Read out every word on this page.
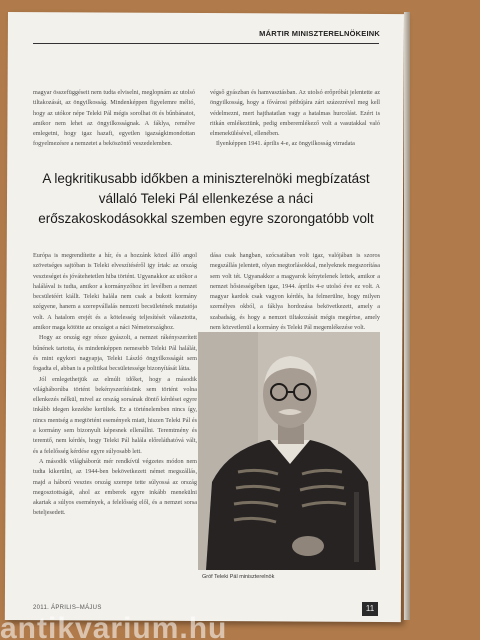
MÁRTIR MINISZTERELNÖKEINK

magyar összefüggéseit nem tudta elviselni, meglopnám az utolsó tiltakozását, az öngyilkosság. Mindenképpen figyelemre méltó, hogy az utókor népe Teleki Pál mégis sorolhat öt és bűnbánatot, amikor nem lehet az öngyilkosságnak. A fáklya, remélve emlegetni, hogy igaz hazafi, egyetlen igazságkimondottan fogyelmezésre a nemzetet a beköszöntő veszedelemben.

végső gyászban és hamvasztásban. Az utolsó erőpróbát jelentette az öngyilkosság, hogy a fővárosi pétbújára zárt százezrével meg kell védelmezni, mert hajthatatlan vagy a hatalmas hurcolást. Ezért is ritkán emlékeztünk, pedig emberemlékező volt a vasutakkal való elmenekülésével, ellenében.

Ilyenképpen 1941. április 4-e, az öngyilkosság virradata

A legkritikusabb időkben a miniszterelnöki megbízatást vállaló Teleki Pál ellenkezése a náci erőszakoskodásokkal szemben egyre szorongatóbb volt

Európa is megrendítette a hír, és a hozzánk közel álló angol szövetséges sajtóban is Teleki elveszítéséről igy írtak: az ország veszteséget és jóvátehetetlen hiba történt. Ugyanakkor az utókor a halálával is tudta, amikor a kormányzóhoz írt levélben a nemzet becsületéért kiállt. Teleki halála nem csak a bukott kormány szégyene, hanem a szerepvállalás nemzeti becsületének mutatója volt. A hatalom erejét és a kötelesség teljesítését választotta, amikor maga kötötte az országot a náci Németországhoz.

Hogy az ország egy része gyászolt, a nemzet rákényszerített bűnének tartotta, és mindenképpen nemesebb Teleki Pál halálát, és mint egykori nagyapja, Teleki László öngyilkosságát sem fogadta el, abban is a politikai becsületessége bizonyítását látta.

Jól emlegethetjük az elmúlt időket, hogy a második világháborúba történt bekényszerítésünk sem történt volna ellenkezés nélkül, mivel az ország sorsának döntő kérdései egyre inkább idegen kezekbe kerültek. Ez a történelemben nincs így, nincs mentség a megtörtént események miatt, hiszen Teleki Pál és a kormány sem bizonyult képesnek ellenállni. Teremtmény és teremtő, nem kérdés, hogy Teleki Pál halála előreláthatóvá vált, és a felelősség kérdése egyre súlyosabb lett.

A második világháborút mér rendkívül végzetes módon nem tudta kikerülni, az 1944-ben bekövetkezett német megszállás, majd a háború vesztes ország szerepe tette súlyossá az ország megosztottságát, ahol az emberek egyre inkább menekülni akartak a súlyos események, a felelősség elől, és a nemzet sorsa beteljesedett.

dása csak hangban, szócsatában volt igaz, valójában is szoros megszállás jelentett, olyan megtorlásokkal, melyeknek megszorítása sem volt tét. Ugyanakkor a magyarok kénytelenek lettek, amikor a nemzet hősiességében igaz, 1944. április 4-e utolsó éve ez volt. A magyar kardok csak vagyon kérdés, ha felmerülne, hogy milyen személyes okból, a fáklya hordozása bekövetkezett, amely a szabadság, és hogy a nemzet tiltakozását mégis megértse, amely nem közvetlenül a kormány és Teleki Pál megemlékezése volt.

Gróf Teleki Pál miniszterelnök
2011. ÁPRILIS–MÁJUS	11
antikvarium.hu
